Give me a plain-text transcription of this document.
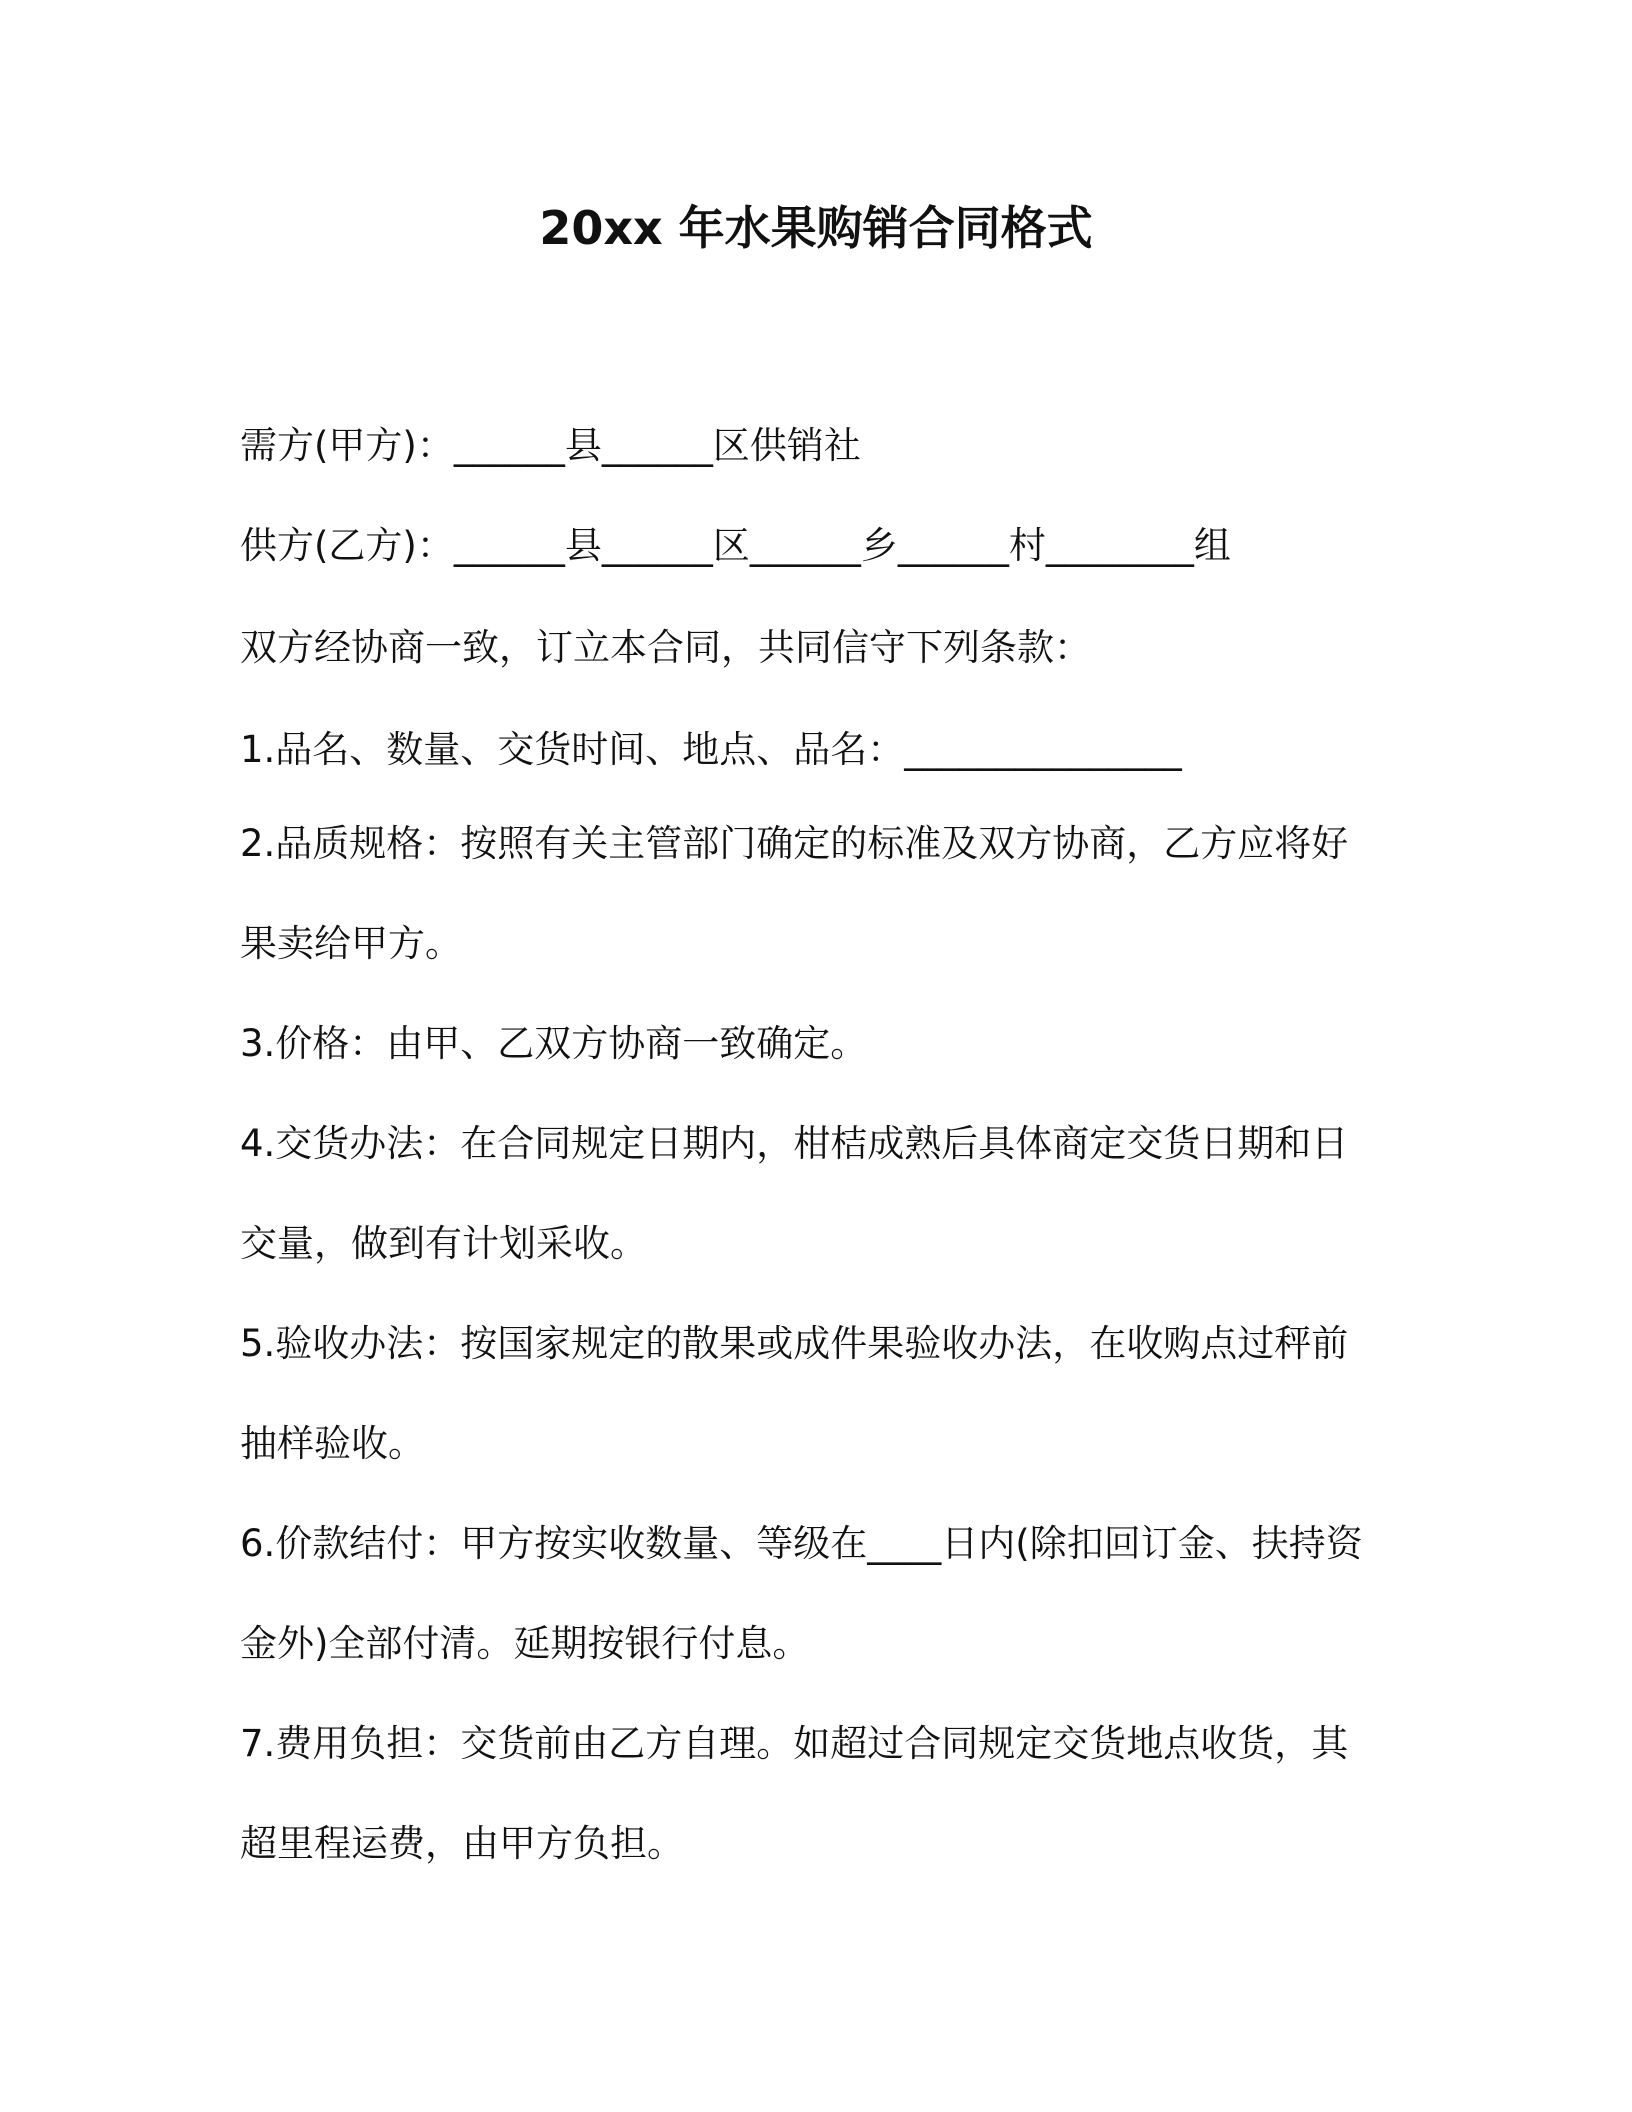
20xx 年水果购销合同格式
需方(甲方)：______县______区供销社
供方(乙方)：______县______区______乡______村________组
双方经协商一致，订立本合同，共同信守下列条款：
1.品名、数量、交货时间、地点、品名：_______________
2.品质规格：按照有关主管部门确定的标准及双方协商，乙方应将好
果卖给甲方。
3.价格：由甲、乙双方协商一致确定。
4.交货办法：在合同规定日期内，柑桔成熟后具体商定交货日期和日
交量，做到有计划采收。
5.验收办法：按国家规定的散果或成件果验收办法，在收购点过秤前
抽样验收。
6.价款结付：甲方按实收数量、等级在____日内(除扣回订金、扶持资
金外)全部付清。延期按银行付息。
7.费用负担：交货前由乙方自理。如超过合同规定交货地点收货，其
超里程运费，由甲方负担。
